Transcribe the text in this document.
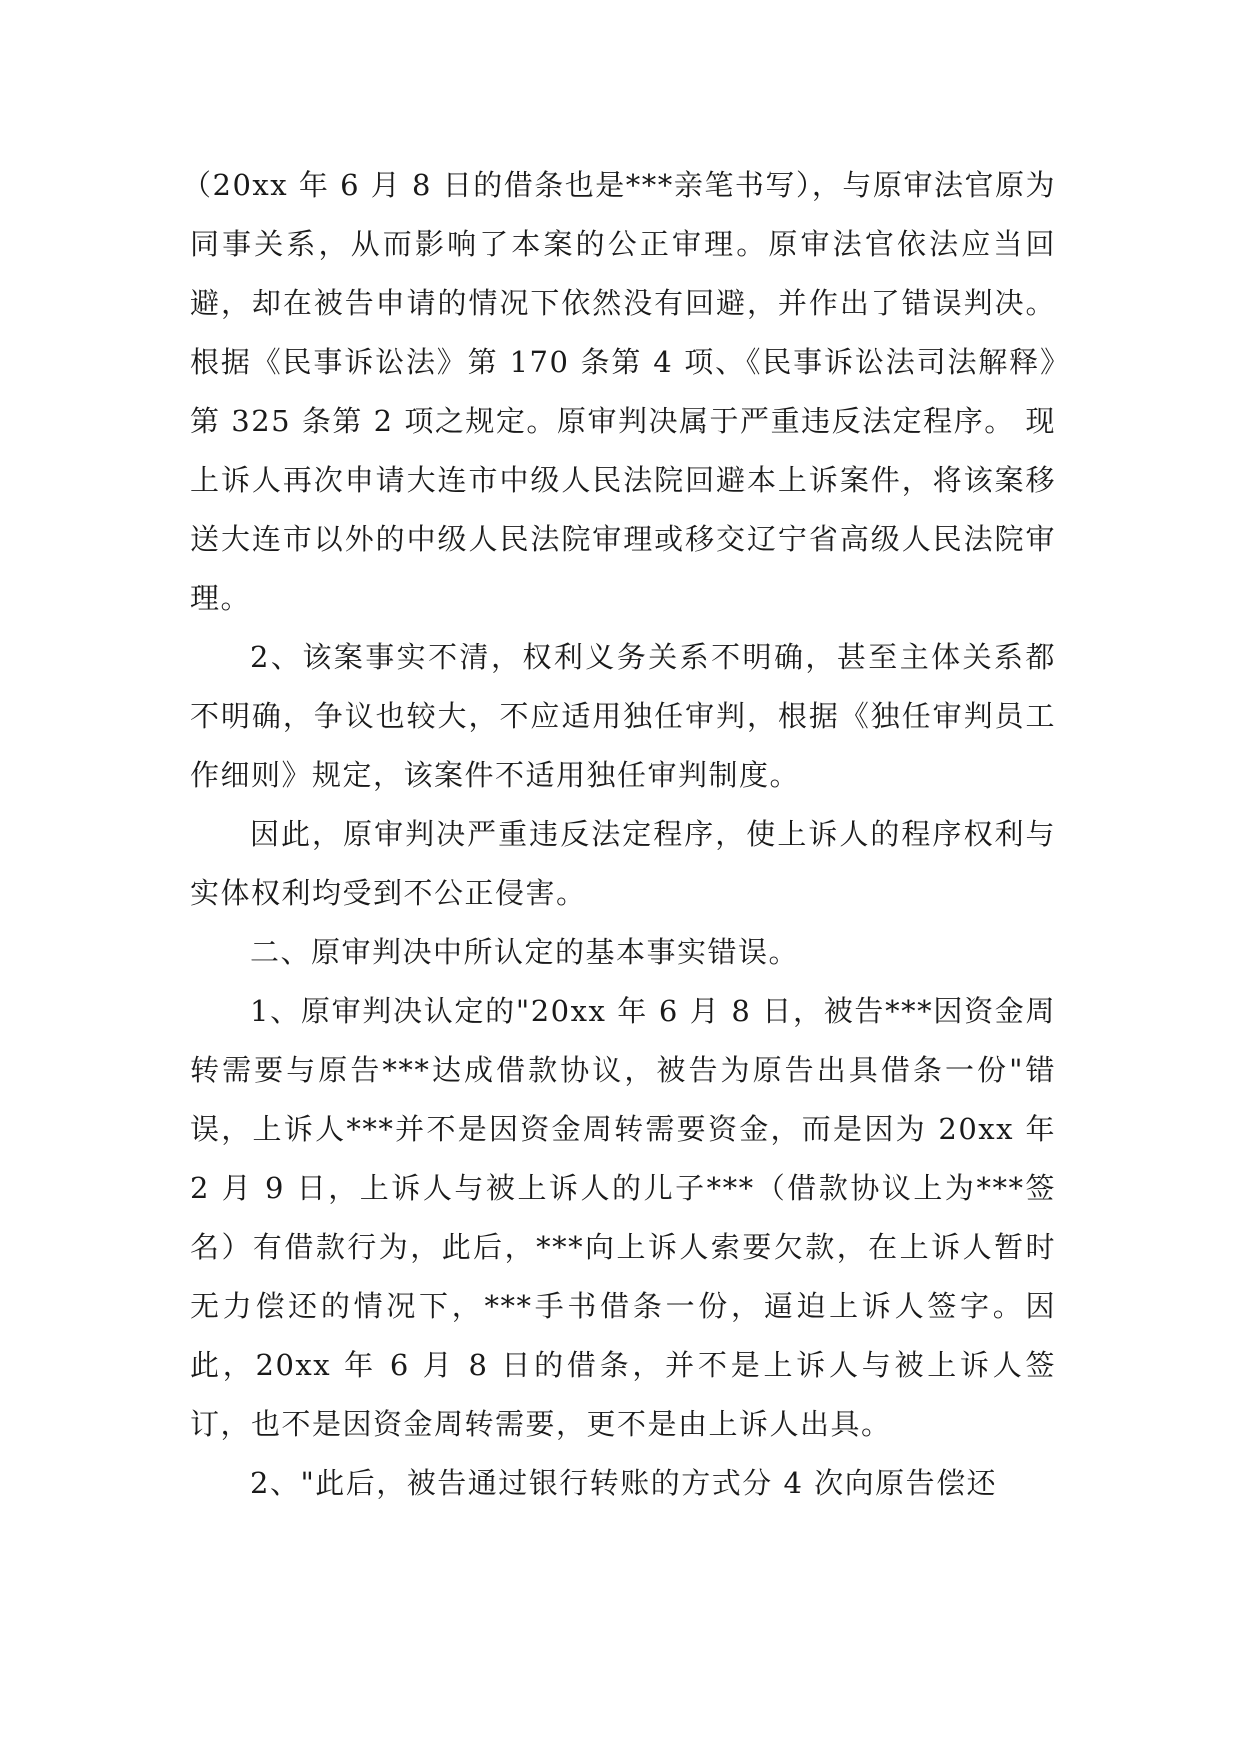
（20xx 年 6 月 8 日的借条也是***亲笔书写），与原审法官原为同事关系，从而影响了本案的公正审理。原审法官依法应当回避，却在被告申请的情况下依然没有回避，并作出了错误判决。根据《民事诉讼法》第 170 条第 4 项、《民事诉讼法司法解释》第 325 条第 2 项之规定。原审判决属于严重违反法定程序。 现上诉人再次申请大连市中级人民法院回避本上诉案件，将该案移送大连市以外的中级人民法院审理或移交辽宁省高级人民法院审理。

2、该案事实不清，权利义务关系不明确，甚至主体关系都不明确，争议也较大，不应适用独任审判，根据《独任审判员工作细则》规定，该案件不适用独任审判制度。

因此，原审判决严重违反法定程序，使上诉人的程序权利与实体权利均受到不公正侵害。

二、原审判决中所认定的基本事实错误。

1、原审判决认定的"20xx 年 6 月 8 日，被告***因资金周转需要与原告***达成借款协议，被告为原告出具借条一份"错误，上诉人***并不是因资金周转需要资金，而是因为 20xx 年 2 月 9 日，上诉人与被上诉人的儿子***（借款协议上为***签名）有借款行为，此后，***向上诉人索要欠款，在上诉人暂时无力偿还的情况下，***手书借条一份，逼迫上诉人签字。因此，20xx 年 6 月 8 日的借条，并不是上诉人与被上诉人签订，也不是因资金周转需要，更不是由上诉人出具。

2、"此后，被告通过银行转账的方式分 4 次向原告偿还
